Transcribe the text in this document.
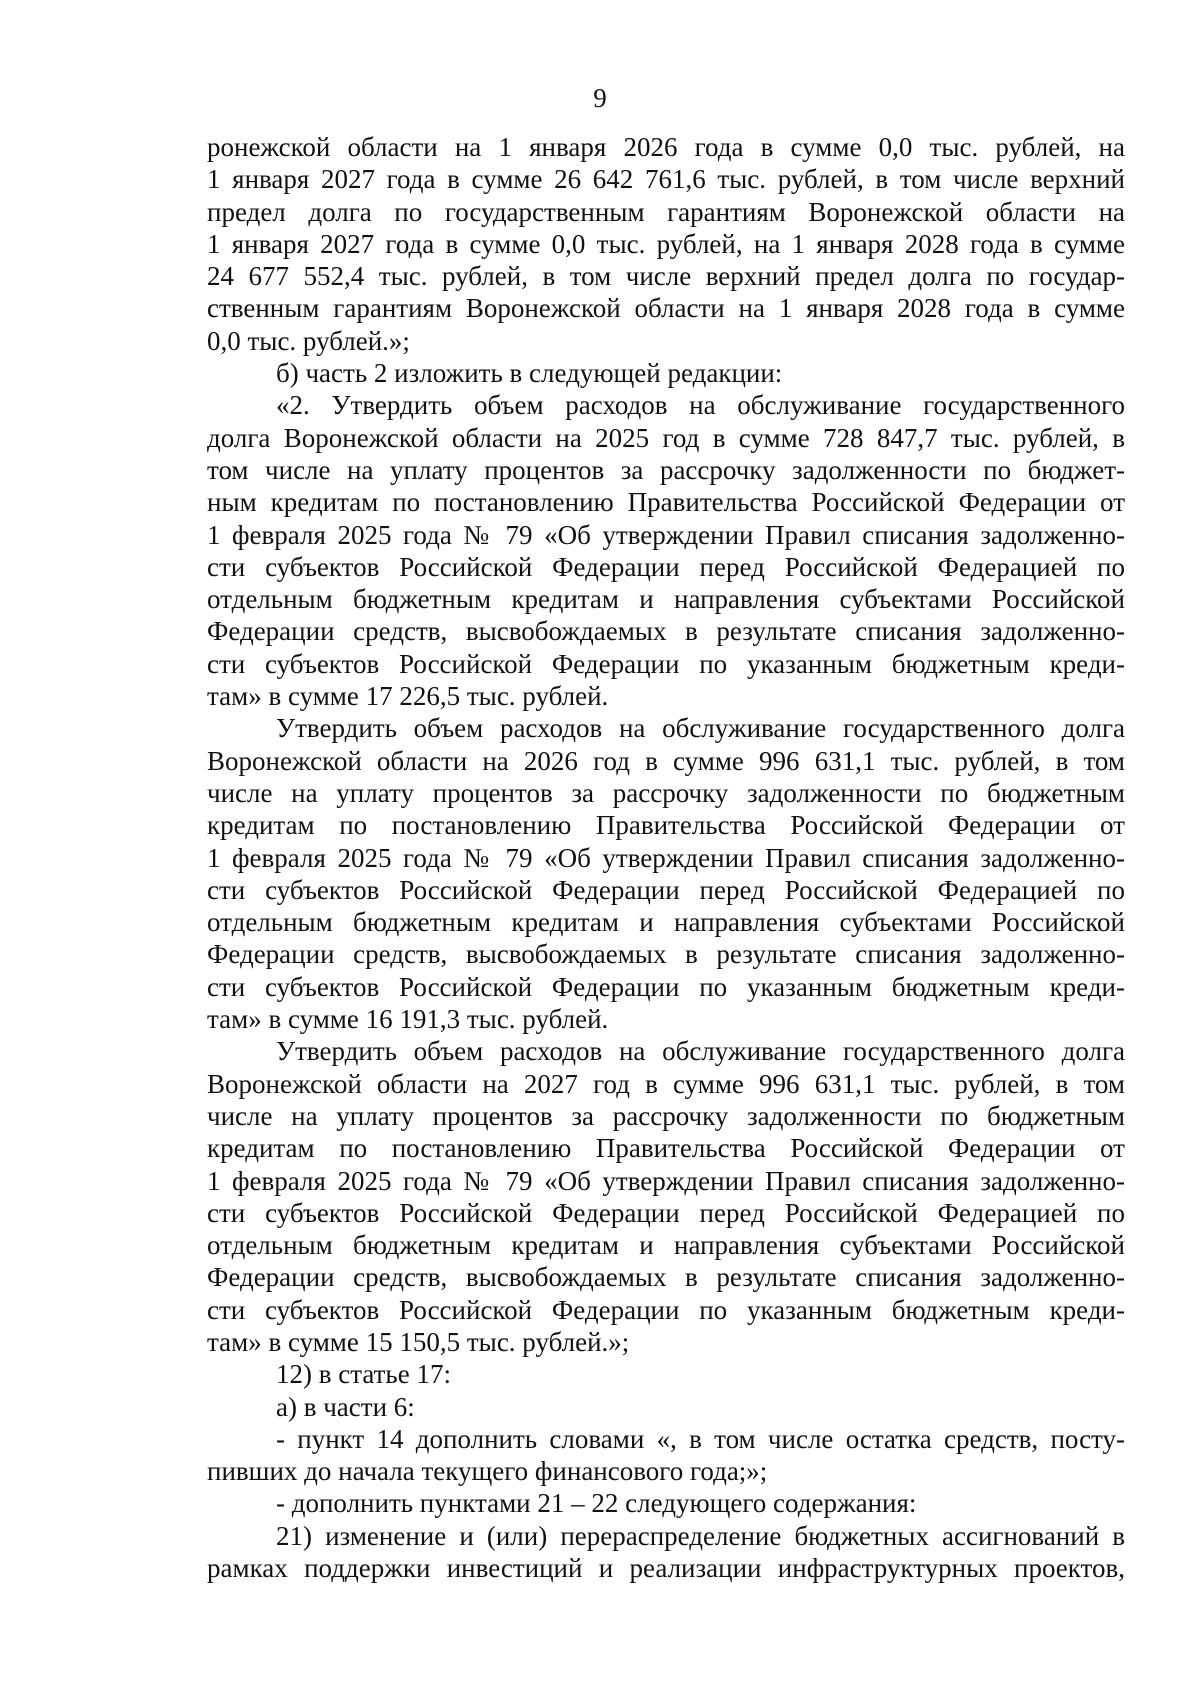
9
ронежской области на 1 января 2026 года в сумме 0,0 тыс. рублей, на
1 января 2027 года в сумме 26 642 761,6 тыс. рублей, в том числе верхний
предел долга по государственным гарантиям Воронежской области на
1 января 2027 года в сумме 0,0 тыс. рублей, на 1 января 2028 года в сумме
24 677 552,4 тыс. рублей, в том числе верхний предел долга по государ-
ственным гарантиям Воронежской области на 1 января 2028 года в сумме
0,0 тыс. рублей.»;
б) часть 2 изложить в следующей редакции:
«2. Утвердить объем расходов на обслуживание государственного
долга Воронежской области на 2025 год в сумме 728 847,7 тыс. рублей, в
том числе на уплату процентов за рассрочку задолженности по бюджет-
ным кредитам по постановлению Правительства Российской Федерации от
1 февраля 2025 года № 79 «Об утверждении Правил списания задолженно-
сти субъектов Российской Федерации перед Российской Федерацией по
отдельным бюджетным кредитам и направления субъектами Российской
Федерации средств, высвобождаемых в результате списания задолженно-
сти субъектов Российской Федерации по указанным бюджетным креди-
там» в сумме 17 226,5 тыс. рублей.
Утвердить объем расходов на обслуживание государственного долга
Воронежской области на 2026 год в сумме 996 631,1 тыс. рублей, в том
числе на уплату процентов за рассрочку задолженности по бюджетным
кредитам по постановлению Правительства Российской Федерации от
1 февраля 2025 года № 79 «Об утверждении Правил списания задолженно-
сти субъектов Российской Федерации перед Российской Федерацией по
отдельным бюджетным кредитам и направления субъектами Российской
Федерации средств, высвобождаемых в результате списания задолженно-
сти субъектов Российской Федерации по указанным бюджетным креди-
там» в сумме 16 191,3 тыс. рублей.
Утвердить объем расходов на обслуживание государственного долга
Воронежской области на 2027 год в сумме 996 631,1 тыс. рублей, в том
числе на уплату процентов за рассрочку задолженности по бюджетным
кредитам по постановлению Правительства Российской Федерации от
1 февраля 2025 года № 79 «Об утверждении Правил списания задолженно-
сти субъектов Российской Федерации перед Российской Федерацией по
отдельным бюджетным кредитам и направления субъектами Российской
Федерации средств, высвобождаемых в результате списания задолженно-
сти субъектов Российской Федерации по указанным бюджетным креди-
там» в сумме 15 150,5 тыс. рублей.»;
12) в статье 17:
а) в части 6:
- пункт 14 дополнить словами «, в том числе остатка средств, посту-
пивших до начала текущего финансового года;»;
- дополнить пунктами 21 – 22 следующего содержания:
21) изменение и (или) перераспределение бюджетных ассигнований в
рамках поддержки инвестиций и реализации инфраструктурных проектов,
